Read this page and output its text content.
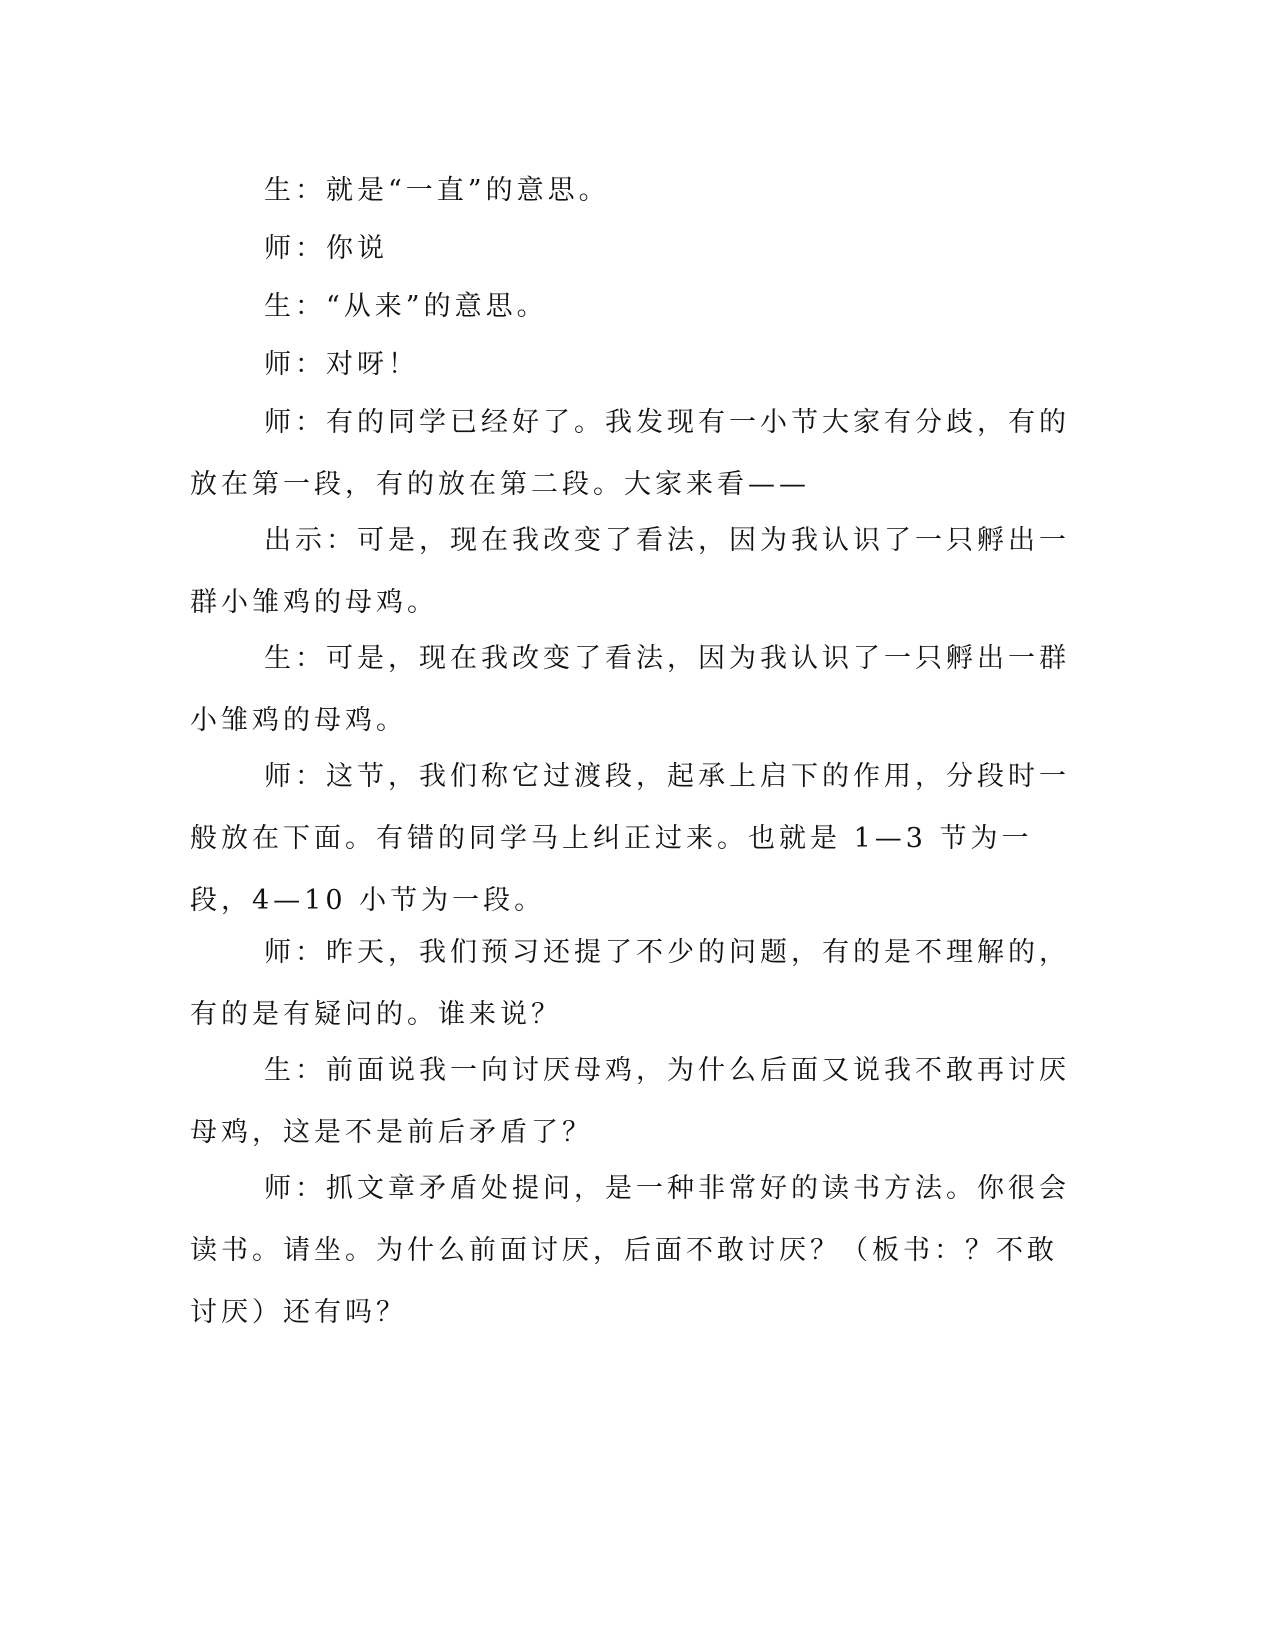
生：就是“一直”的意思。

师：你说

生：“从来”的意思。

师：对呀！

师：有的同学已经好了。我发现有一小节大家有分歧，有的放在第一段，有的放在第二段。大家来看——

出示：可是，现在我改变了看法，因为我认识了一只孵出一群小雏鸡的母鸡。

生：可是，现在我改变了看法，因为我认识了一只孵出一群小雏鸡的母鸡。

师：这节，我们称它过渡段，起承上启下的作用，分段时一般放在下面。有错的同学马上纠正过来。也就是 1—3 节为一段，4—10 小节为一段。

师：昨天，我们预习还提了不少的问题，有的是不理解的，有的是有疑问的。谁来说？

生：前面说我一向讨厌母鸡，为什么后面又说我不敢再讨厌母鸡，这是不是前后矛盾了？

师：抓文章矛盾处提问，是一种非常好的读书方法。你很会读书。请坐。为什么前面讨厌，后面不敢讨厌？（板书：？不敢讨厌）还有吗？
